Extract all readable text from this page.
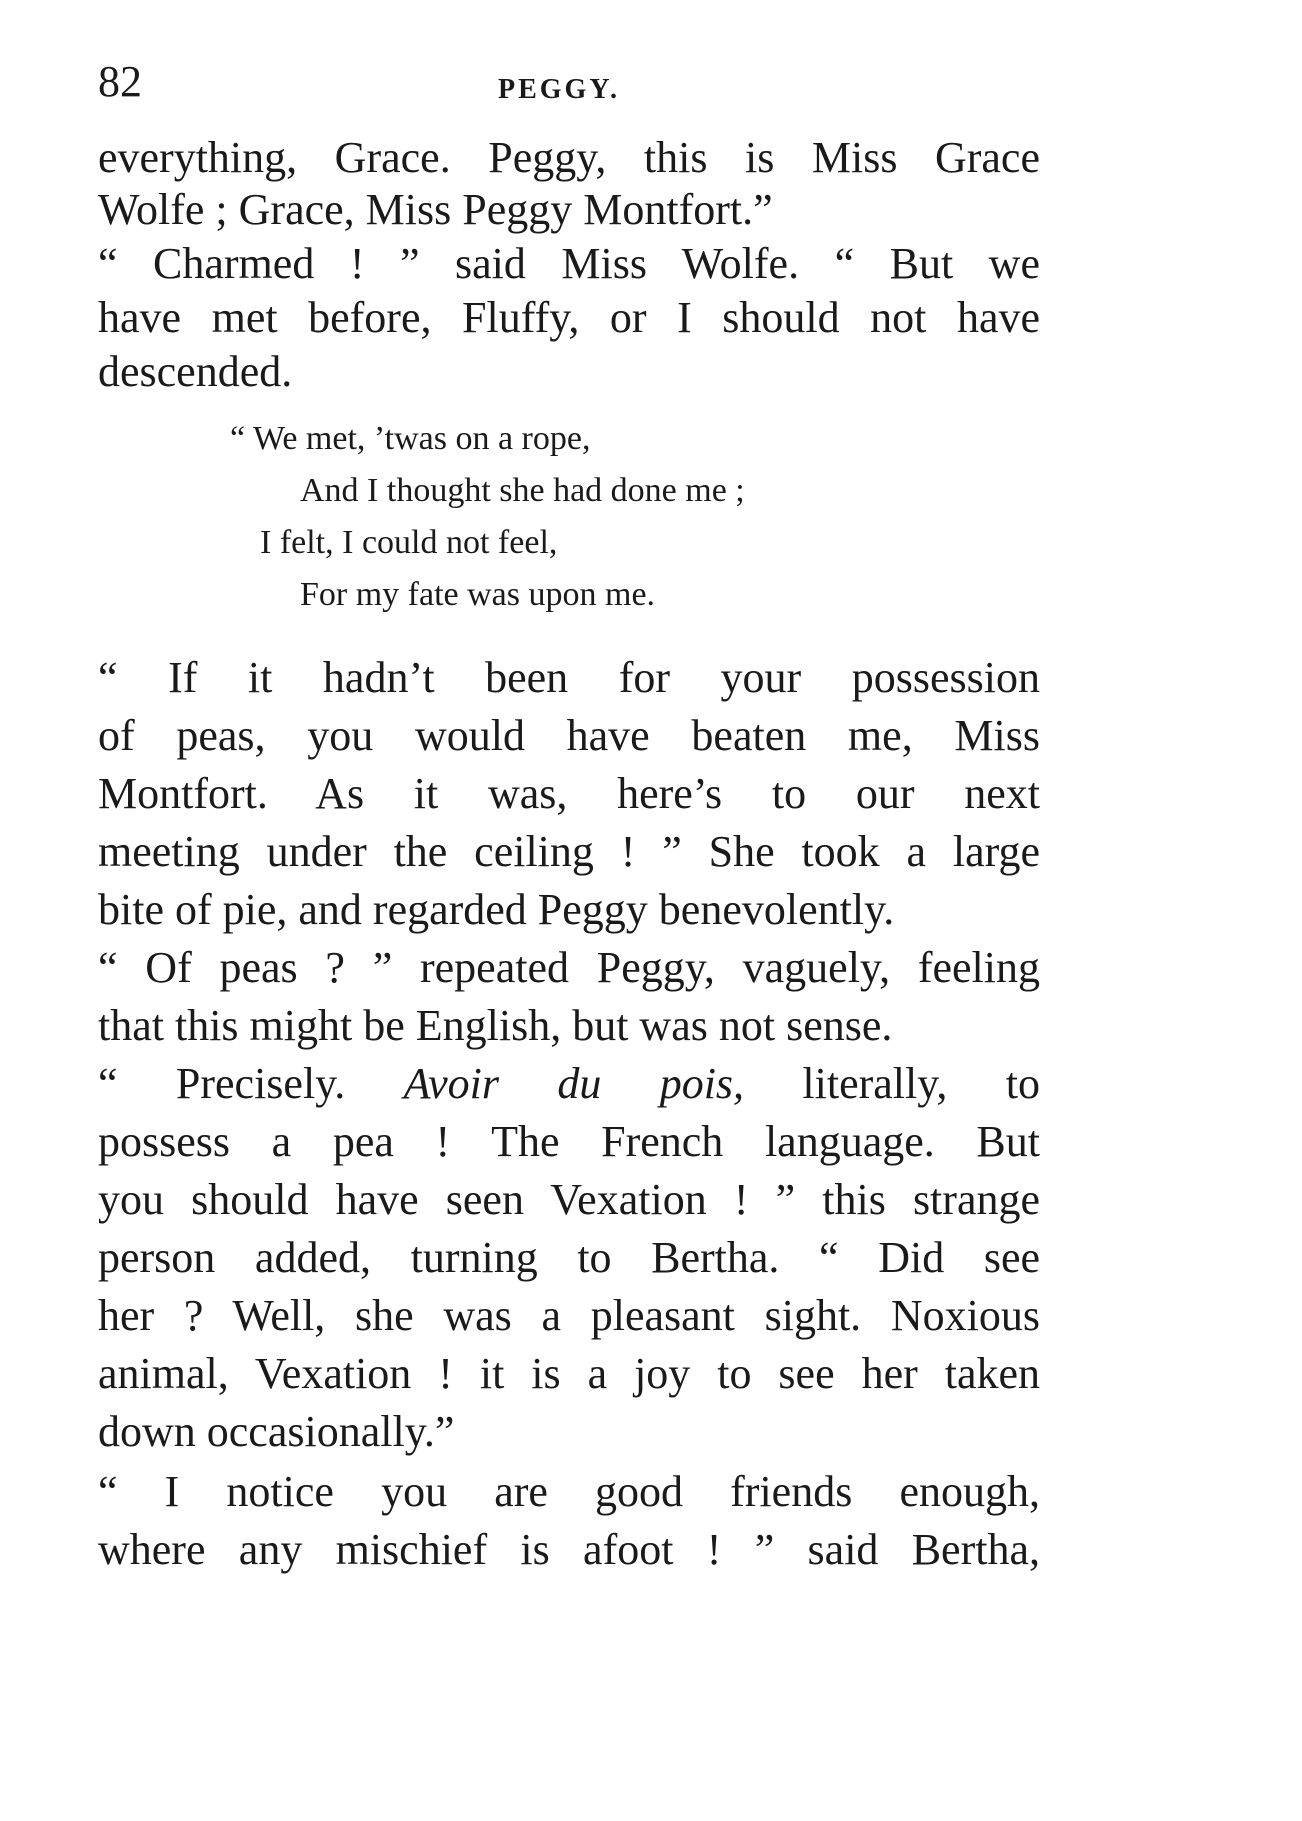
82	PEGGY.

everything, Grace. Peggy, this is Miss Grace

Wolfe ; Grace, Miss Peggy Montfort.”

“ Charmed ! ” said Miss Wolfe. “ But we

have met before, Fluffy, or I should not have

descended.

“ We met, ’twas on a rope,

And I thought she had done me ;

I felt, I could not feel,

For my fate was upon me.

“ If it hadn’t been for your possession

of peas, you would have beaten me, Miss

Montfort. As it was, here’s to our next

meeting under the ceiling ! ” She took a large

bite of pie, and regarded Peggy benevolently.

“ Of peas ? ” repeated Peggy, vaguely, feeling

that this might be English, but was not sense.

“ Precisely. Avoir du pois, literally, to

possess a pea ! The French language. But

you should have seen Vexation ! ” this strange

person added, turning to Bertha. “ Did see

her ? Well, she was a pleasant sight. Noxious

animal, Vexation ! it is a joy to see her taken

down occasionally.”

“ I notice you are good friends enough,

where any mischief is afoot ! ” said Bertha,
